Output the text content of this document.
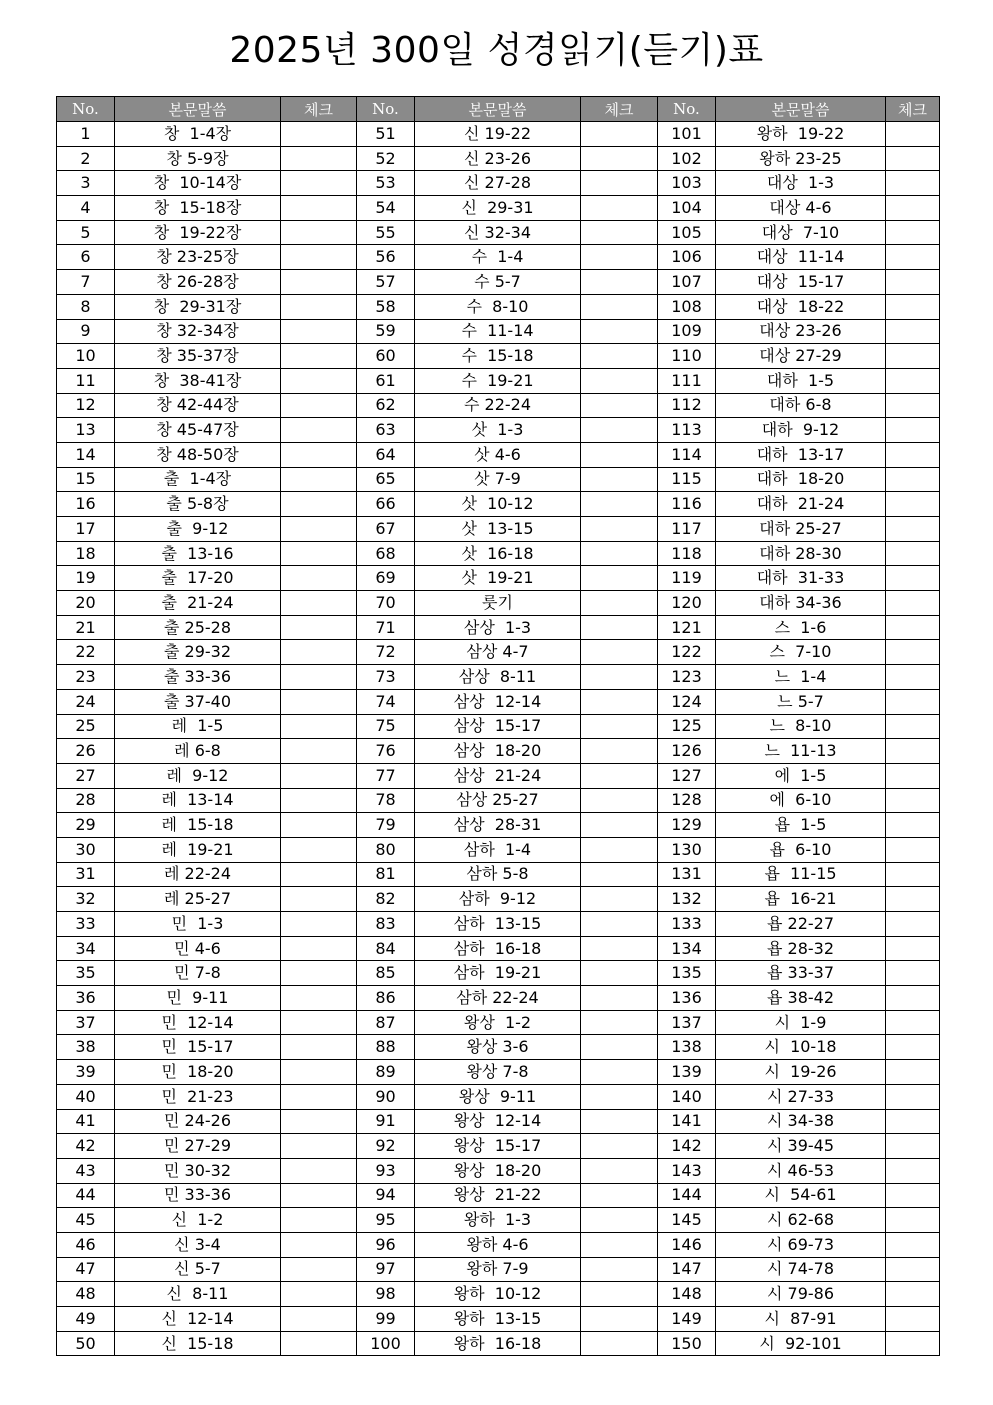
2025년 300일 성경읽기(듣기)표
No.	본문말씀	체크	No.	본문말씀	체크	No.	본문말씀	체크
1	창  1-4장		51	신 19-22		101	왕하  19-22	
2	창 5-9장		52	신 23-26		102	왕하 23-25	
3	창  10-14장		53	신 27-28		103	대상  1-3	
4	창  15-18장		54	신  29-31		104	대상 4-6	
5	창  19-22장		55	신 32-34		105	대상  7-10	
6	창 23-25장		56	수  1-4		106	대상  11-14	
7	창 26-28장		57	수 5-7		107	대상  15-17	
8	창  29-31장		58	수  8-10		108	대상  18-22	
9	창 32-34장		59	수  11-14		109	대상 23-26	
10	창 35-37장		60	수  15-18		110	대상 27-29	
11	창  38-41장		61	수  19-21		111	대하  1-5	
12	창 42-44장		62	수 22-24		112	대하 6-8	
13	창 45-47장		63	삿  1-3		113	대하  9-12	
14	창 48-50장		64	삿 4-6		114	대하  13-17	
15	출  1-4장		65	삿 7-9		115	대하  18-20	
16	출 5-8장		66	삿  10-12		116	대하  21-24	
17	출  9-12		67	삿  13-15		117	대하 25-27	
18	출  13-16		68	삿  16-18		118	대하 28-30	
19	출  17-20		69	삿  19-21		119	대하  31-33	
20	출  21-24		70	룻기		120	대하 34-36	
21	출 25-28		71	삼상  1-3		121	스  1-6	
22	출 29-32		72	삼상 4-7		122	스  7-10	
23	출 33-36		73	삼상  8-11		123	느  1-4	
24	출 37-40		74	삼상  12-14		124	느 5-7	
25	레  1-5		75	삼상  15-17		125	느  8-10	
26	레 6-8		76	삼상  18-20		126	느  11-13	
27	레  9-12		77	삼상  21-24		127	에  1-5	
28	레  13-14		78	삼상 25-27		128	에  6-10	
29	레  15-18		79	삼상  28-31		129	욥  1-5	
30	레  19-21		80	삼하  1-4		130	욥  6-10	
31	레 22-24		81	삼하 5-8		131	욥  11-15	
32	레 25-27		82	삼하  9-12		132	욥  16-21	
33	민  1-3		83	삼하  13-15		133	욥 22-27	
34	민 4-6		84	삼하  16-18		134	욥 28-32	
35	민 7-8		85	삼하  19-21		135	욥 33-37	
36	민  9-11		86	삼하 22-24		136	욥 38-42	
37	민  12-14		87	왕상  1-2		137	시  1-9	
38	민  15-17		88	왕상 3-6		138	시  10-18	
39	민  18-20		89	왕상 7-8		139	시  19-26	
40	민  21-23		90	왕상  9-11		140	시 27-33	
41	민 24-26		91	왕상  12-14		141	시 34-38	
42	민 27-29		92	왕상  15-17		142	시 39-45	
43	민 30-32		93	왕상  18-20		143	시 46-53	
44	민 33-36		94	왕상  21-22		144	시  54-61	
45	신  1-2		95	왕하  1-3		145	시 62-68	
46	신 3-4		96	왕하 4-6		146	시 69-73	
47	신 5-7		97	왕하 7-9		147	시 74-78	
48	신  8-11		98	왕하  10-12		148	시 79-86	
49	신  12-14		99	왕하  13-15		149	시  87-91	
50	신  15-18		100	왕하  16-18		150	시  92-101	
